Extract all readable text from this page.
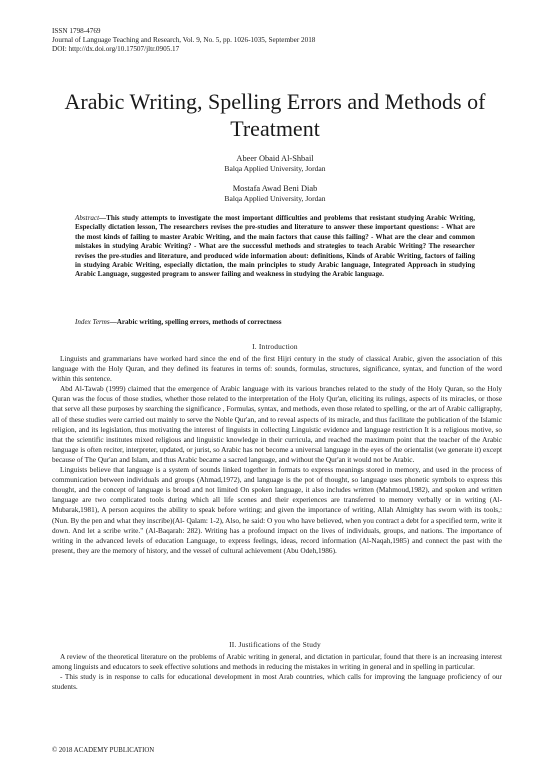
ISSN 1798-4769
Journal of Language Teaching and Research, Vol. 9, No. 5, pp. 1026-1035, September 2018
DOI: http://dx.doi.org/10.17507/jltr.0905.17
Arabic Writing, Spelling Errors and Methods of Treatment
Abeer Obaid Al-Shbail
Balqa Applied University, Jordan
Mostafa Awad Beni Diab
Balqa Applied University, Jordan
Abstract—This study attempts to investigate the most important difficulties and problems that resistant studying Arabic Writing, Especially dictation lesson, The researchers revises the pre-studies and literature to answer these important questions: - What are the most kinds of failing to master Arabic Writing, and the main factors that cause this failing? - What are the clear and common mistakes in studying Arabic Writing? - What are the successful methods and strategies to teach Arabic Writing? The researcher revises the pre-studies and literature, and produced wide information about: definitions, Kinds of Arabic Writing, factors of failing in studying Arabic Writing, especially dictation, the main principles to study Arabic language, Integrated Approach in studying Arabic Language, suggested program to answer failing and weakness in studying the Arabic language.
Index Terms—Arabic writing, spelling errors, methods of correctness
I. Introduction

Linguists and grammarians have worked hard since the end of the first Hijri century in the study of classical Arabic, given the association of this language with the Holy Quran, and they defined its features in terms of: sounds, formulas, structures, significance, syntax, and function of the word within this sentence.

Abd Al-Tawab (1999) claimed that the emergence of Arabic language with its various branches related to the study of the Holy Quran, so the Holy Quran was the focus of those studies, whether those related to the interpretation of the Holy Qur'an, eliciting its rulings, aspects of its miracles, or those that serve all these purposes by searching the significance , Formulas, syntax, and methods, even those related to spelling, or the art of Arabic calligraphy, all of these studies were carried out mainly to serve the Noble Qur'an, and to reveal aspects of its miracle, and thus facilitate the publication of the Islamic religion, and its legislation, thus motivating the interest of linguists in collecting Linguistic evidence and language restriction It is a religious motive, so that the scientific institutes mixed religious and linguistic knowledge in their curricula, and reached the maximum point that the teacher of the Arabic language is often reciter, interpreter, updated, or jurist, so Arabic has not become a universal language in the eyes of the orientalist (we generate it) except because of The Qur'an and Islam, and thus Arabic became a sacred language, and without the Qur'an it would not be Arabic.

Linguists believe that language is a system of sounds linked together in formats to express meanings stored in memory, and used in the process of communication between individuals and groups (Ahmad,1972), and language is the pot of thought, so language uses phonetic symbols to express this thought, and the concept of language is broad and not limited On spoken language, it also includes written (Mahmoud,1982), and spoken and written language are two complicated tools during which all life scenes and their experiences are transferred to memory verbally or in writing (Al-Mubarak,1981), A person acquires the ability to speak before writing; and given the importance of writing, Allah Almighty has sworn with its tools,: (Nun. By the pen and what they inscribe)(Al- Qalam: 1-2), Also, he said: O you who have believed, when you contract a debt for a specified term, write it down. And let a scribe write." (Al-Baqarah: 282). Writing has a profound impact on the lives of individuals, groups, and nations. The importance of writing in the advanced levels of education Language, to express feelings, ideas, record information (Al-Naqah,1985) and connect the past with the present, they are the memory of history, and the vessel of cultural achievement (Abu Odeh,1986).

II. Justifications of the Study

A review of the theoretical literature on the problems of Arabic writing in general, and dictation in particular, found that there is an increasing interest among linguists and educators to seek effective solutions and methods in reducing the mistakes in writing in general and in spelling in particular.

- This study is in response to calls for educational development in most Arab countries, which calls for improving the language proficiency of our students.

© 2018 ACADEMY PUBLICATION
